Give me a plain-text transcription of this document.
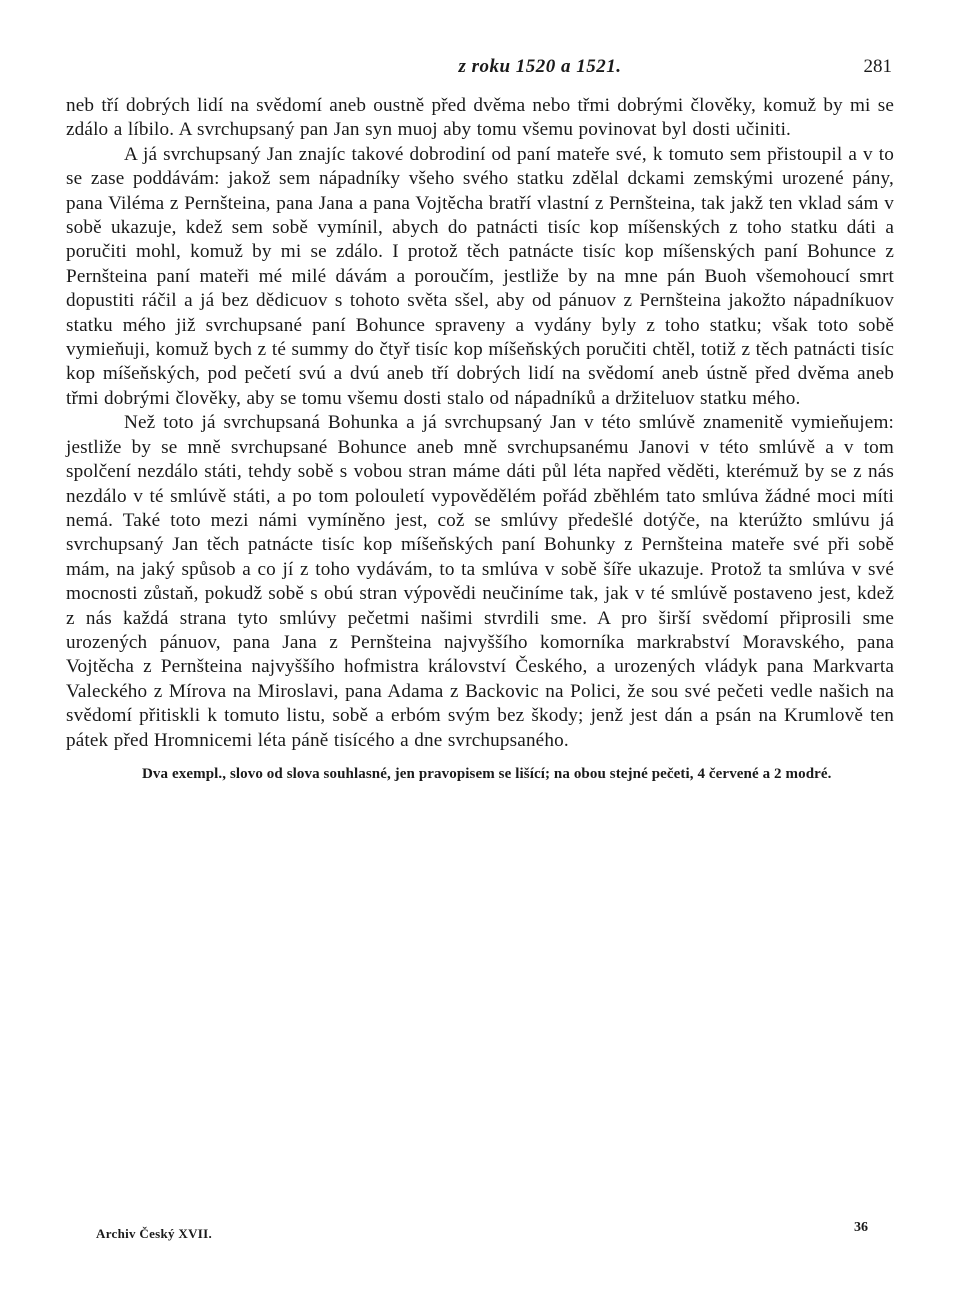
z roku 1520 a 1521.	281

neb tří dobrých lidí na svědomí aneb oustně před dvěma nebo třmi dobrými člověky, komuž by mi se zdálo a líbilo. A svrchupsaný pan Jan syn muoj aby tomu všemu povinovat byl dosti učiniti.

A já svrchupsaný Jan znajíc takové dobrodiní od paní mateře své, k tomuto sem přistoupil a v to se zase poddávám: jakož sem nápadníky všeho svého statku zdělal dckami zemskými urozené pány, pana Viléma z Pernšteina, pana Jana a pana Vojtěcha bratří vlastní z Pernšteina, tak jakž ten vklad sám v sobě ukazuje, kdež sem sobě vymínil, abych do patnácti tisíc kop míšenských z toho statku dáti a poručiti mohl, komuž by mi se zdálo. I protož těch patnácte tisíc kop míšenských paní Bohunce z Pernšteina paní mateři mé milé dávám a poroučím, jestliže by na mne pán Buoh všemohoucí smrt dopustiti ráčil a já bez dědicuov s tohoto světa sšel, aby od pánuov z Pernšteina jakožto nápadníkuov statku mého již svrchupsané paní Bohunce spraveny a vydány byly z toho statku; však toto sobě vymieňuji, komuž bych z té summy do čtyř tisíc kop míšeňských poručiti chtěl, totiž z těch patnácti tisíc kop míšeňských, pod pečetí svú a dvú aneb tří dobrých lidí na svědomí aneb ústně před dvěma aneb třmi dobrými člověky, aby se tomu všemu dosti stalo od nápadníků a držiteluov statku mého.

Než toto já svrchupsaná Bohunka a já svrchupsaný Jan v této smlúvě znamenitě vymieňujem: jestliže by se mně svrchupsané Bohunce aneb mně svrchupsanému Janovi v této smlúvě a v tom spolčení nezdálo státi, tehdy sobě s vobou stran máme dáti půl léta napřed věděti, kterémuž by se z nás nezdálo v té smlúvě státi, a po tom polouletí vypovědělém pořád zběhlém tato smlúva žádné moci míti nemá. Také toto mezi námi vymíněno jest, což se smlúvy předešlé dotýče, na kterúžto smlúvu já svrchupsaný Jan těch patnácte tisíc kop míšeňských paní Bohunky z Pernšteina mateře své při sobě mám, na jaký spůsob a co jí z toho vydávám, to ta smlúva v sobě šíře ukazuje. Protož ta smlúva v své mocnosti zůstaň, pokudž sobě s obú stran výpovědi neučiníme tak, jak v té smlúvě postaveno jest, kdež z nás každá strana tyto smlúvy pečetmi našimi stvrdili sme. A pro širší svědomí připrosili sme urozených pánuov, pana Jana z Pernšteina najvyššího komorníka markrabství Moravského, pana Vojtěcha z Pernšteina najvyššího hofmistra království Českého, a urozených vládyk pana Markvarta Valeckého z Mírova na Miroslavi, pana Adama z Backovic na Polici, že sou své pečeti vedle našich na svědomí přitiskli k tomuto listu, sobě a erbóm svým bez škody; jenž jest dán a psán na Krumlově ten pátek před Hromnicemi léta páně tisícého a dne svrchupsaného.

Dva exempl., slovo od slova souhlasné, jen pravopisem se lišící; na obou stejné pečeti, 4 červené a 2 modré.
Archiv Český XVII.	36
